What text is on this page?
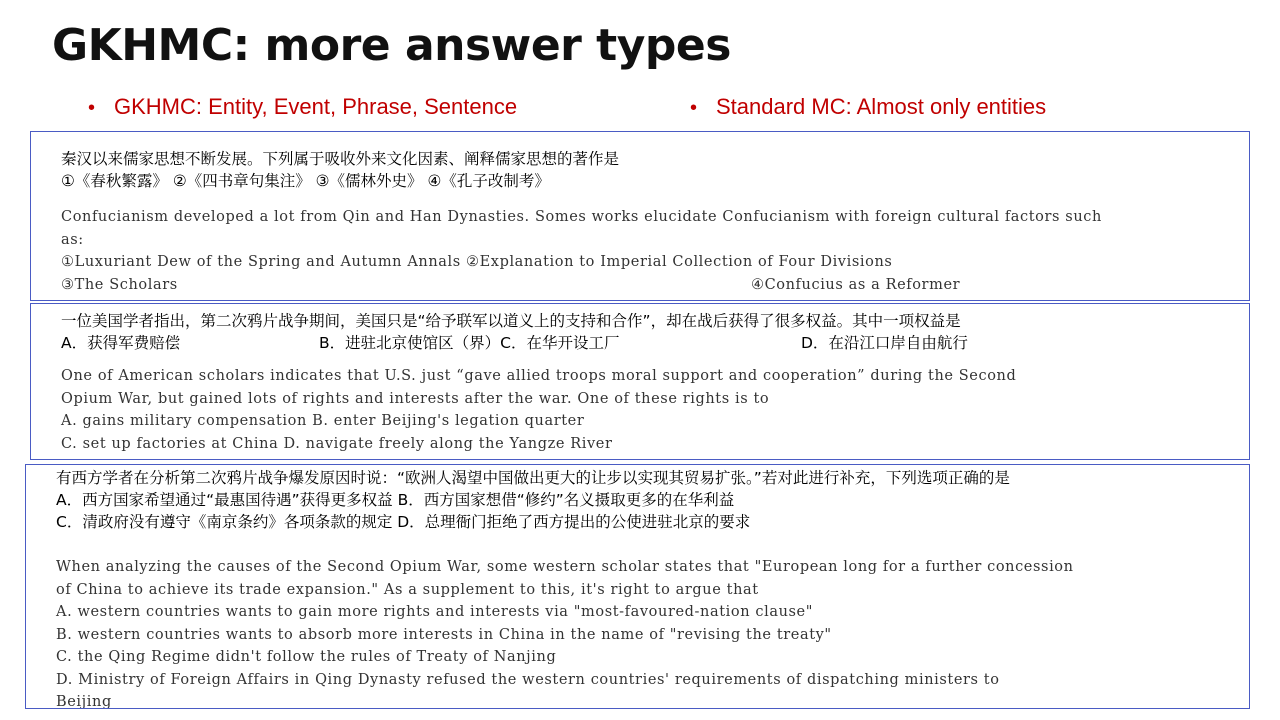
GKHMC: more answer types
• GKHMC: Entity, Event, Phrase, Sentence	• Standard MC: Almost only entities
秦汉以来儒家思想不断发展。下列属于吸收外来文化因素、阐释儒家思想的著作是
①《春秋繁露》 ②《四书章句集注》 ③《儒林外史》 ④《孔子改制考》
Confucianism developed a lot from Qin and Han Dynasties. Somes works elucidate Confucianism with foreign cultural factors such
as:
①Luxuriant Dew of the Spring and Autumn Annals ②Explanation to Imperial Collection of Four Divisions
③The Scholars	④Confucius as a Reformer
一位美国学者指出，第二次鸦片战争期间，美国只是“给予联军以道义上的支持和合作”，却在战后获得了很多权益。其中一项权益是
A．获得军费赔偿	B．进驻北京使馆区（界）C．在华开设工厂	D．在沿江口岸自由航行
One of American scholars indicates that U.S. just “gave allied troops moral support and cooperation” during the Second
Opium War, but gained lots of rights and interests after the war. One of these rights is to
A. gains military compensation B. enter Beijing's legation quarter
C. set up factories at China D. navigate freely along the Yangze River
有西方学者在分析第二次鸦片战争爆发原因时说：“欧洲人渴望中国做出更大的让步以实现其贸易扩张。”若对此进行补充，下列选项正确的是
A．西方国家希望通过“最惠国待遇”获得更多权益 B．西方国家想借“修约”名义摄取更多的在华利益
C．清政府没有遵守《南京条约》各项条款的规定 D．总理衙门拒绝了西方提出的公使进驻北京的要求
When analyzing the causes of the Second Opium War, some western scholar states that "European long for a further concession
of China to achieve its trade expansion." As a supplement to this, it's right to argue that
A. western countries wants to gain more rights and interests via "most-favoured-nation clause"
B. western countries wants to absorb more interests in China in the name of "revising the treaty"
C. the Qing Regime didn't follow the rules of Treaty of Nanjing
D. Ministry of Foreign Affairs in Qing Dynasty refused the western countries' requirements of dispatching ministers to
Beijing
